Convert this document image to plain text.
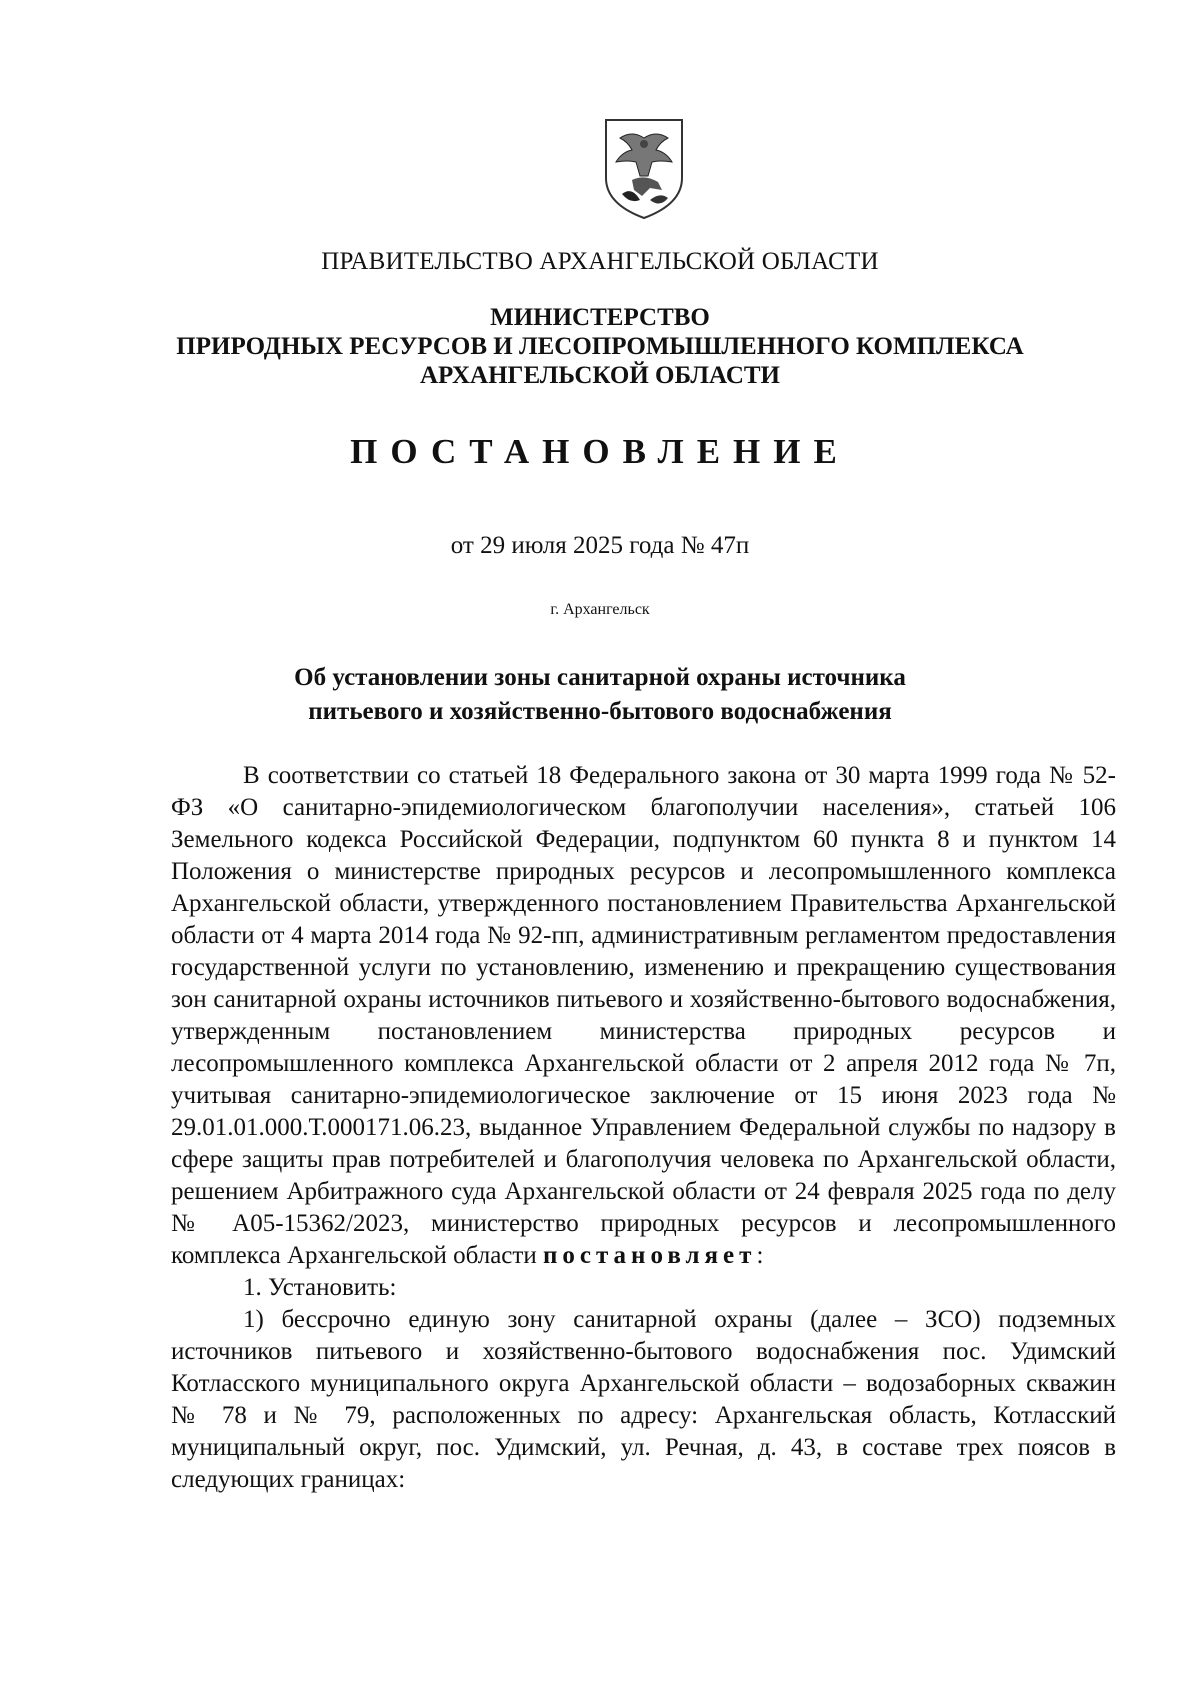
ПРАВИТЕЛЬСТВО АРХАНГЕЛЬСКОЙ ОБЛАСТИ
МИНИСТЕРСТВО
ПРИРОДНЫХ РЕСУРСОВ И ЛЕСОПРОМЫШЛЕННОГО КОМПЛЕКСА
АРХАНГЕЛЬСКОЙ ОБЛАСТИ
ПОСТАНОВЛЕНИЕ
от 29 июля 2025 года № 47п
г. Архангельск
Об установлении зоны санитарной охраны источника
питьевого и хозяйственно-бытового водоснабжения

В соответствии со статьей 18 Федерального закона от 30 марта 1999 года № 52-ФЗ «О санитарно-эпидемиологическом благополучии населения», статьей 106 Земельного кодекса Российской Федерации, подпунктом 60 пункта 8 и пунктом 14 Положения о министерстве природных ресурсов и лесопромышленного комплекса Архангельской области, утвержденного постановлением Правительства Архангельской области от 4 марта 2014 года № 92-пп, административным регламентом предоставления государственной услуги по установлению, изменению и прекращению существования зон санитарной охраны источников питьевого и хозяйственно-бытового водоснабжения, утвержденным постановлением министерства природных ресурсов и лесопромышленного комплекса Архангельской области от 2 апреля 2012 года № 7п, учитывая санитарно-эпидемиологическое заключение от 15 июня 2023 года № 29.01.01.000.Т.000171.06.23, выданное Управлением Федеральной службы по надзору в сфере защиты прав потребителей и благополучия человека по Архангельской области, решением Арбитражного суда Архангельской области от 24 февраля 2025 года по делу № А05-15362/2023, министерство природных ресурсов и лесопромышленного комплекса Архангельской области постановляет:

1. Установить:

1) бессрочно единую зону санитарной охраны (далее – ЗСО) подземных источников питьевого и хозяйственно-бытового водоснабжения пос. Удимский Котласского муниципального округа Архангельской области – водозаборных скважин № 78 и № 79, расположенных по адресу: Архангельская область, Котласский муниципальный округ, пос. Удимский, ул. Речная, д. 43, в составе трех поясов в следующих границах:
